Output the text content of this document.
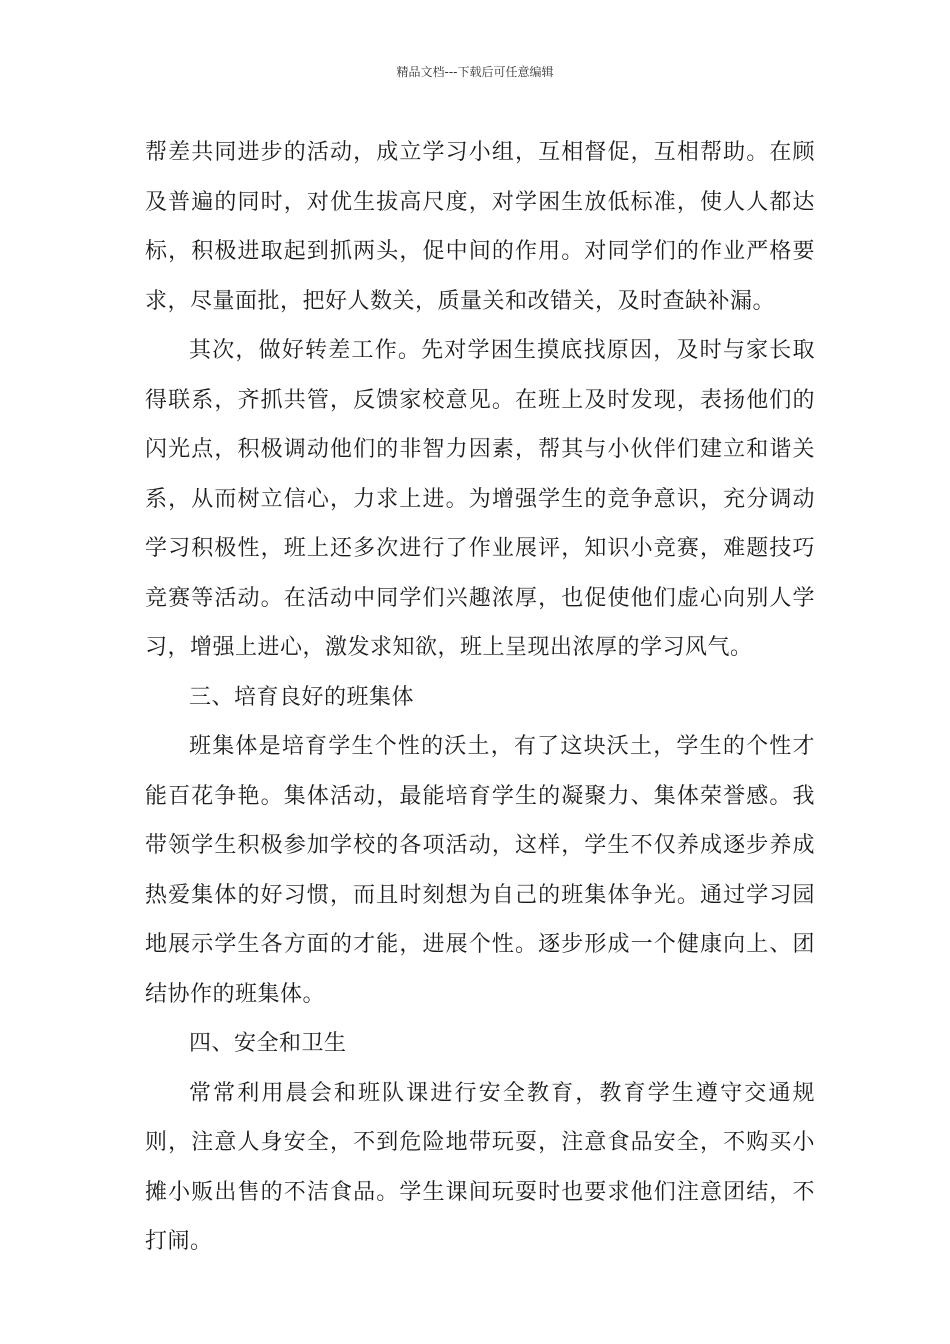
精品文档---下载后可任意编辑

帮差共同进步的活动，成立学习小组，互相督促，互相帮助。在顾及普遍的同时，对优生拔高尺度，对学困生放低标准，使人人都达标，积极进取起到抓两头，促中间的作用。对同学们的作业严格要求，尽量面批，把好人数关，质量关和改错关，及时查缺补漏。

其次，做好转差工作。先对学困生摸底找原因，及时与家长取得联系，齐抓共管，反馈家校意见。在班上及时发现，表扬他们的闪光点，积极调动他们的非智力因素，帮其与小伙伴们建立和谐关系，从而树立信心，力求上进。为增强学生的竞争意识，充分调动学习积极性，班上还多次进行了作业展评，知识小竞赛，难题技巧竞赛等活动。在活动中同学们兴趣浓厚，也促使他们虚心向别人学习，增强上进心，激发求知欲，班上呈现出浓厚的学习风气。

三、培育良好的班集体

班集体是培育学生个性的沃土，有了这块沃土，学生的个性才能百花争艳。集体活动，最能培育学生的凝聚力、集体荣誉感。我带领学生积极参加学校的各项活动，这样，学生不仅养成逐步养成热爱集体的好习惯，而且时刻想为自己的班集体争光。通过学习园地展示学生各方面的才能，进展个性。逐步形成一个健康向上、团结协作的班集体。

四、安全和卫生

常常利用晨会和班队课进行安全教育，教育学生遵守交通规则，注意人身安全，不到危险地带玩耍，注意食品安全，不购买小摊小贩出售的不洁食品。学生课间玩耍时也要求他们注意团结，不打闹。
